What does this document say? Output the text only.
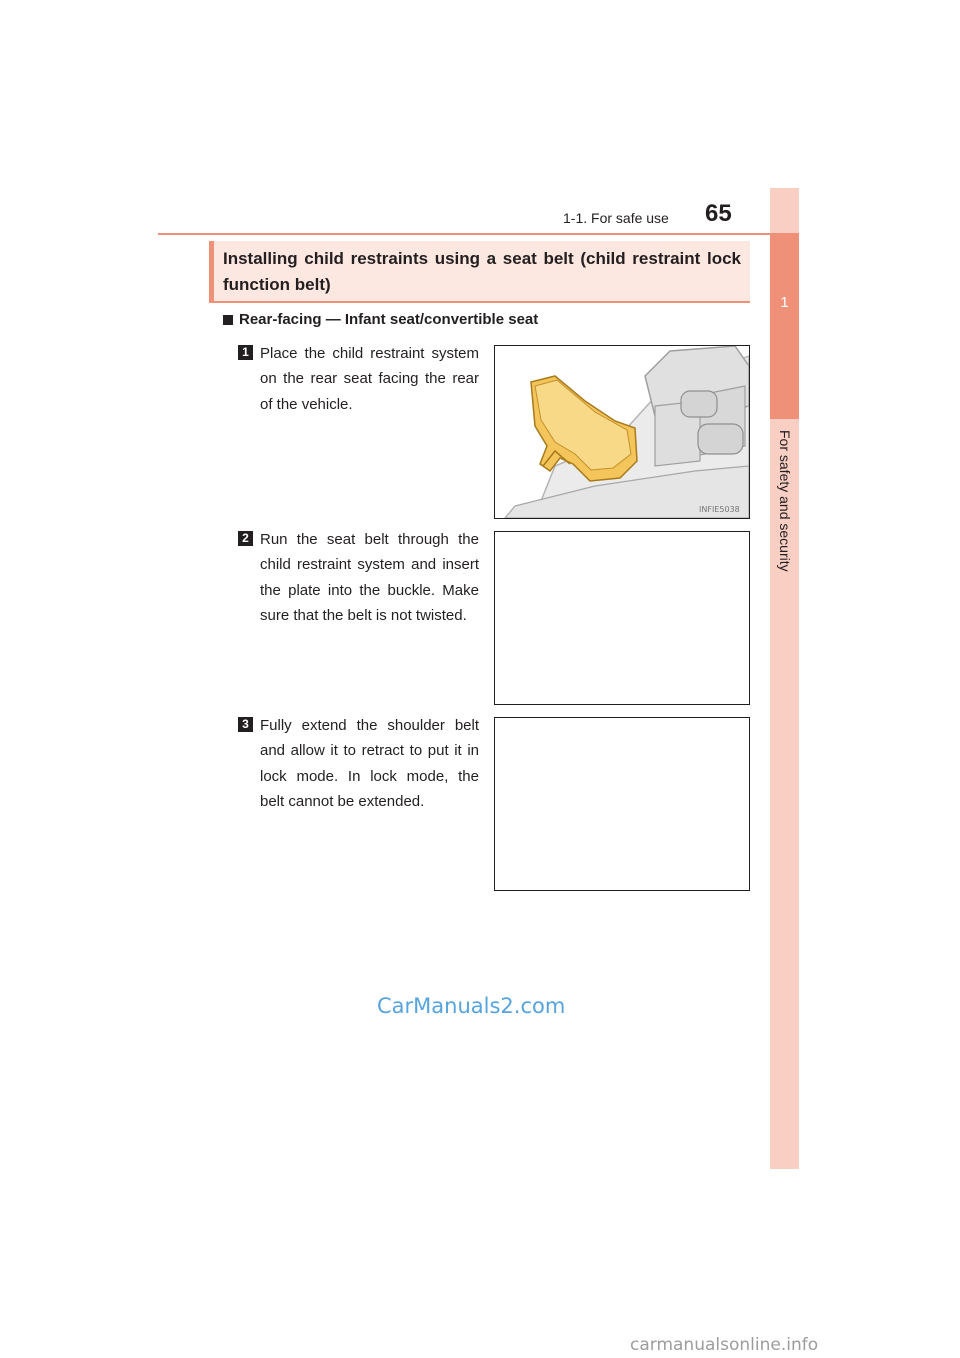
1
For safety and security
1-1. For safe use 65
Installing child restraints using a seat belt (child restraint lock function belt)
Rear-facing — Infant seat/convertible seat
1 Place the child restraint system on the rear seat facing the rear of the vehicle.
INFIE5038
2 Run the seat belt through the child restraint system and insert the plate into the buckle. Make sure that the belt is not twisted.
3 Fully extend the shoulder belt and allow it to retract to put it in lock mode. In lock mode, the belt cannot be extended.
CarManuals2.com
carmanualsonline.info
